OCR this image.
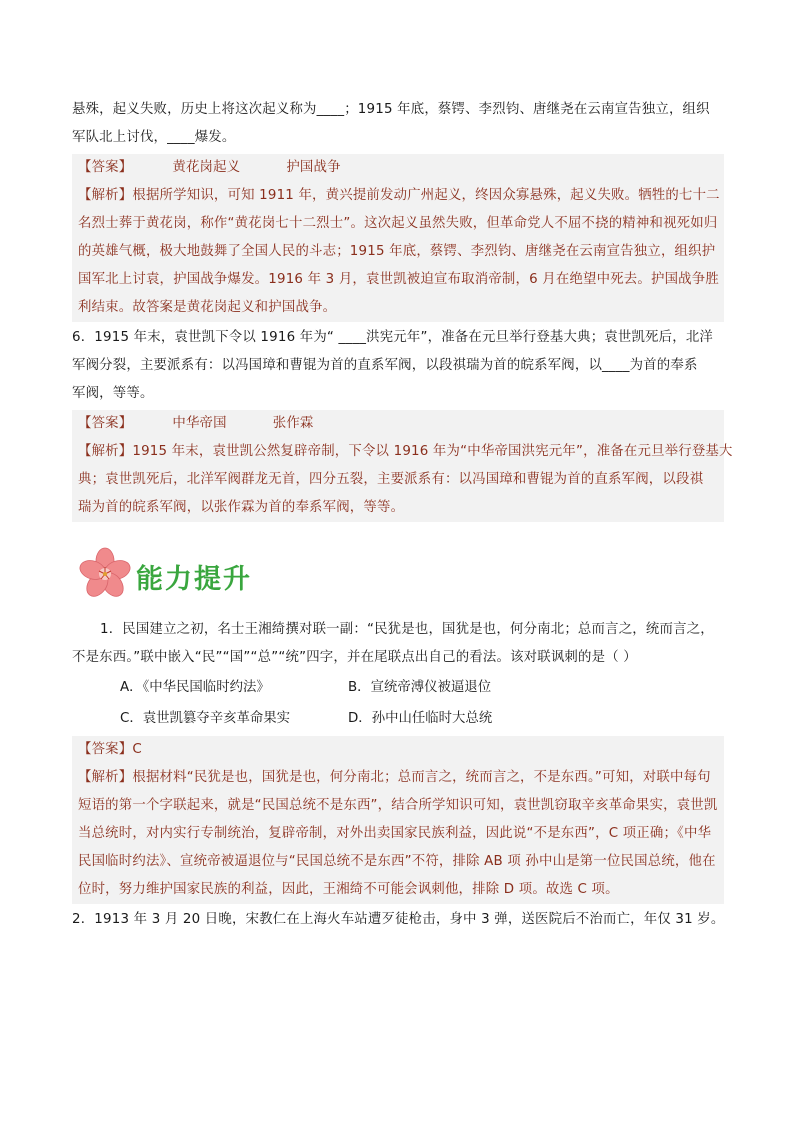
悬殊，起义失败，历史上将这次起义称为____；1915 年底，蔡锷、李烈钧、唐继尧在云南宣告独立，组织
军队北上讨伐，____爆发。
【答案】	黄花岗起义	护国战争
【解析】根据所学知识，可知 1911 年，黄兴提前发动广州起义，终因众寡悬殊，起义失败。牺牲的七十二
名烈士葬于黄花岗，称作“黄花岗七十二烈士”。这次起义虽然失败，但革命党人不屈不挠的精神和视死如归
的英雄气概，极大地鼓舞了全国人民的斗志；1915 年底，蔡锷、李烈钧、唐继尧在云南宣告独立，组织护
国军北上讨袁，护国战争爆发。1916 年 3 月，袁世凯被迫宣布取消帝制，6 月在绝望中死去。护国战争胜
利结束。故答案是黄花岗起义和护国战争。
6．1915 年末，袁世凯下令以 1916 年为“ ____洪宪元年”，准备在元旦举行登基大典；袁世凯死后，北洋
军阀分裂，主要派系有：以冯国璋和曹锟为首的直系军阀，以段祺瑞为首的皖系军阀，以____为首的奉系
军阀，等等。
【答案】	中华帝国	张作霖
【解析】1915 年末，袁世凯公然复辟帝制，下令以 1916 年为“中华帝国洪宪元年”，准备在元旦举行登基大
典；袁世凯死后，北洋军阀群龙无首，四分五裂，主要派系有：以冯国璋和曹锟为首的直系军阀，以段祺
瑞为首的皖系军阀，以张作霖为首的奉系军阀，等等。
能力提升
1．民国建立之初，名士王湘绮撰对联一副：“民犹是也，国犹是也，何分南北；总而言之，统而言之，
不是东西。”联中嵌入“民”“国”“总”“统”四字，并在尾联点出自己的看法。该对联讽刺的是（ ）
A．《中华民国临时约法》	B．宣统帝溥仪被逼退位
C．袁世凯篡夺辛亥革命果实	D．孙中山任临时大总统
【答案】C
【解析】根据材料“民犹是也，国犹是也，何分南北；总而言之，统而言之，不是东西。”可知，对联中每句
短语的第一个字联起来，就是“民国总统不是东西”，结合所学知识可知，袁世凯窃取辛亥革命果实，袁世凯
当总统时，对内实行专制统治，复辟帝制，对外出卖国家民族利益，因此说“不是东西”，C 项正确；《中华
民国临时约法》、宣统帝被逼退位与“民国总统不是东西”不符，排除 AB 项 孙中山是第一位民国总统，他在
位时，努力维护国家民族的利益，因此，王湘绮不可能会讽刺他，排除 D 项。故选 C 项。
2．1913 年 3 月 20 日晚，宋教仁在上海火车站遭歹徒枪击，身中 3 弹，送医院后不治而亡，年仅 31 岁。
